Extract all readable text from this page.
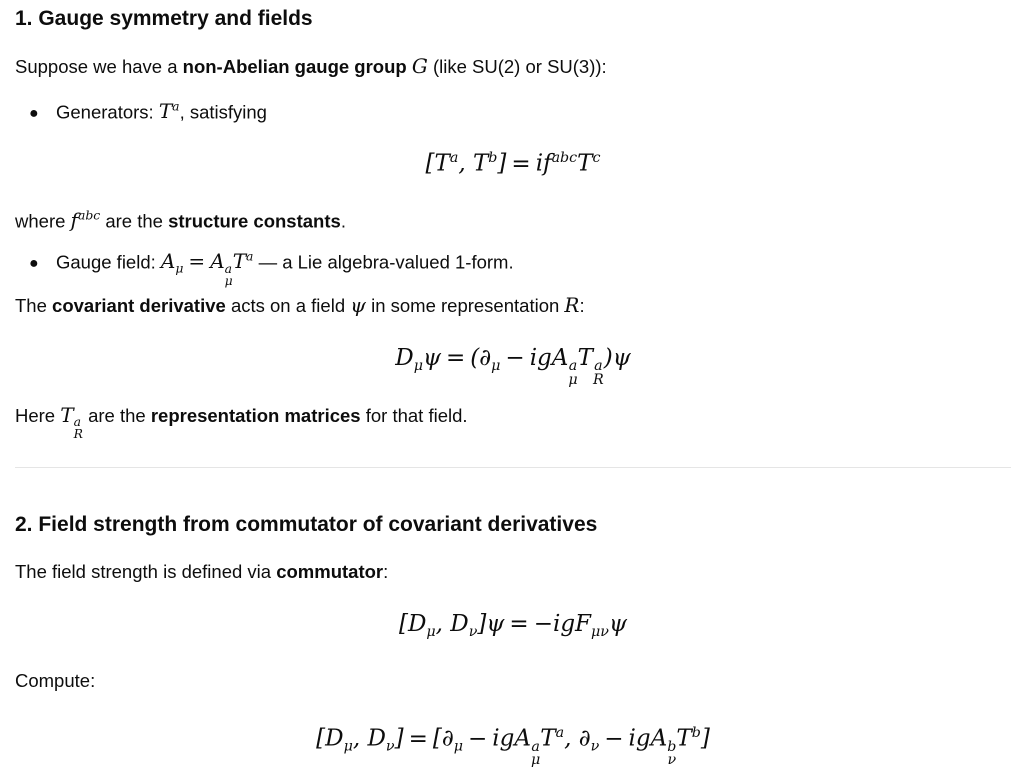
1. Gauge symmetry and fields

Suppose we have a non-Abelian gauge group G (like SU(2) or SU(3)):

● Generators: $T^a$, satisfying

[$T^a$, $T^b] = if^{abc}T^c$

where $f^{abc}$ are the structure constants.

● Gauge field: $A_\mu = A$ a
μ
$T^a$ — a Lie algebra-valued 1-form.

The covariant derivative acts on a field ψ in some representation R:

$D_\mu\psi = (\partial_\mu$ − igA a
μ
T a
R
)ψ

Here T a
R
are the representation matrices for that field.

2. Field strength from commutator of covariant derivatives

The field strength is defined via commutator:

[$D_\mu$, $D_\nu]\psi = -igF_{\mu\nu}\psi$

Compute:

[$D_\mu$, $D_\nu] = [\partial_\mu$ − igA a
μ
$T^a$, $\partial_\nu$ − igA b
ν
$T^b$]
